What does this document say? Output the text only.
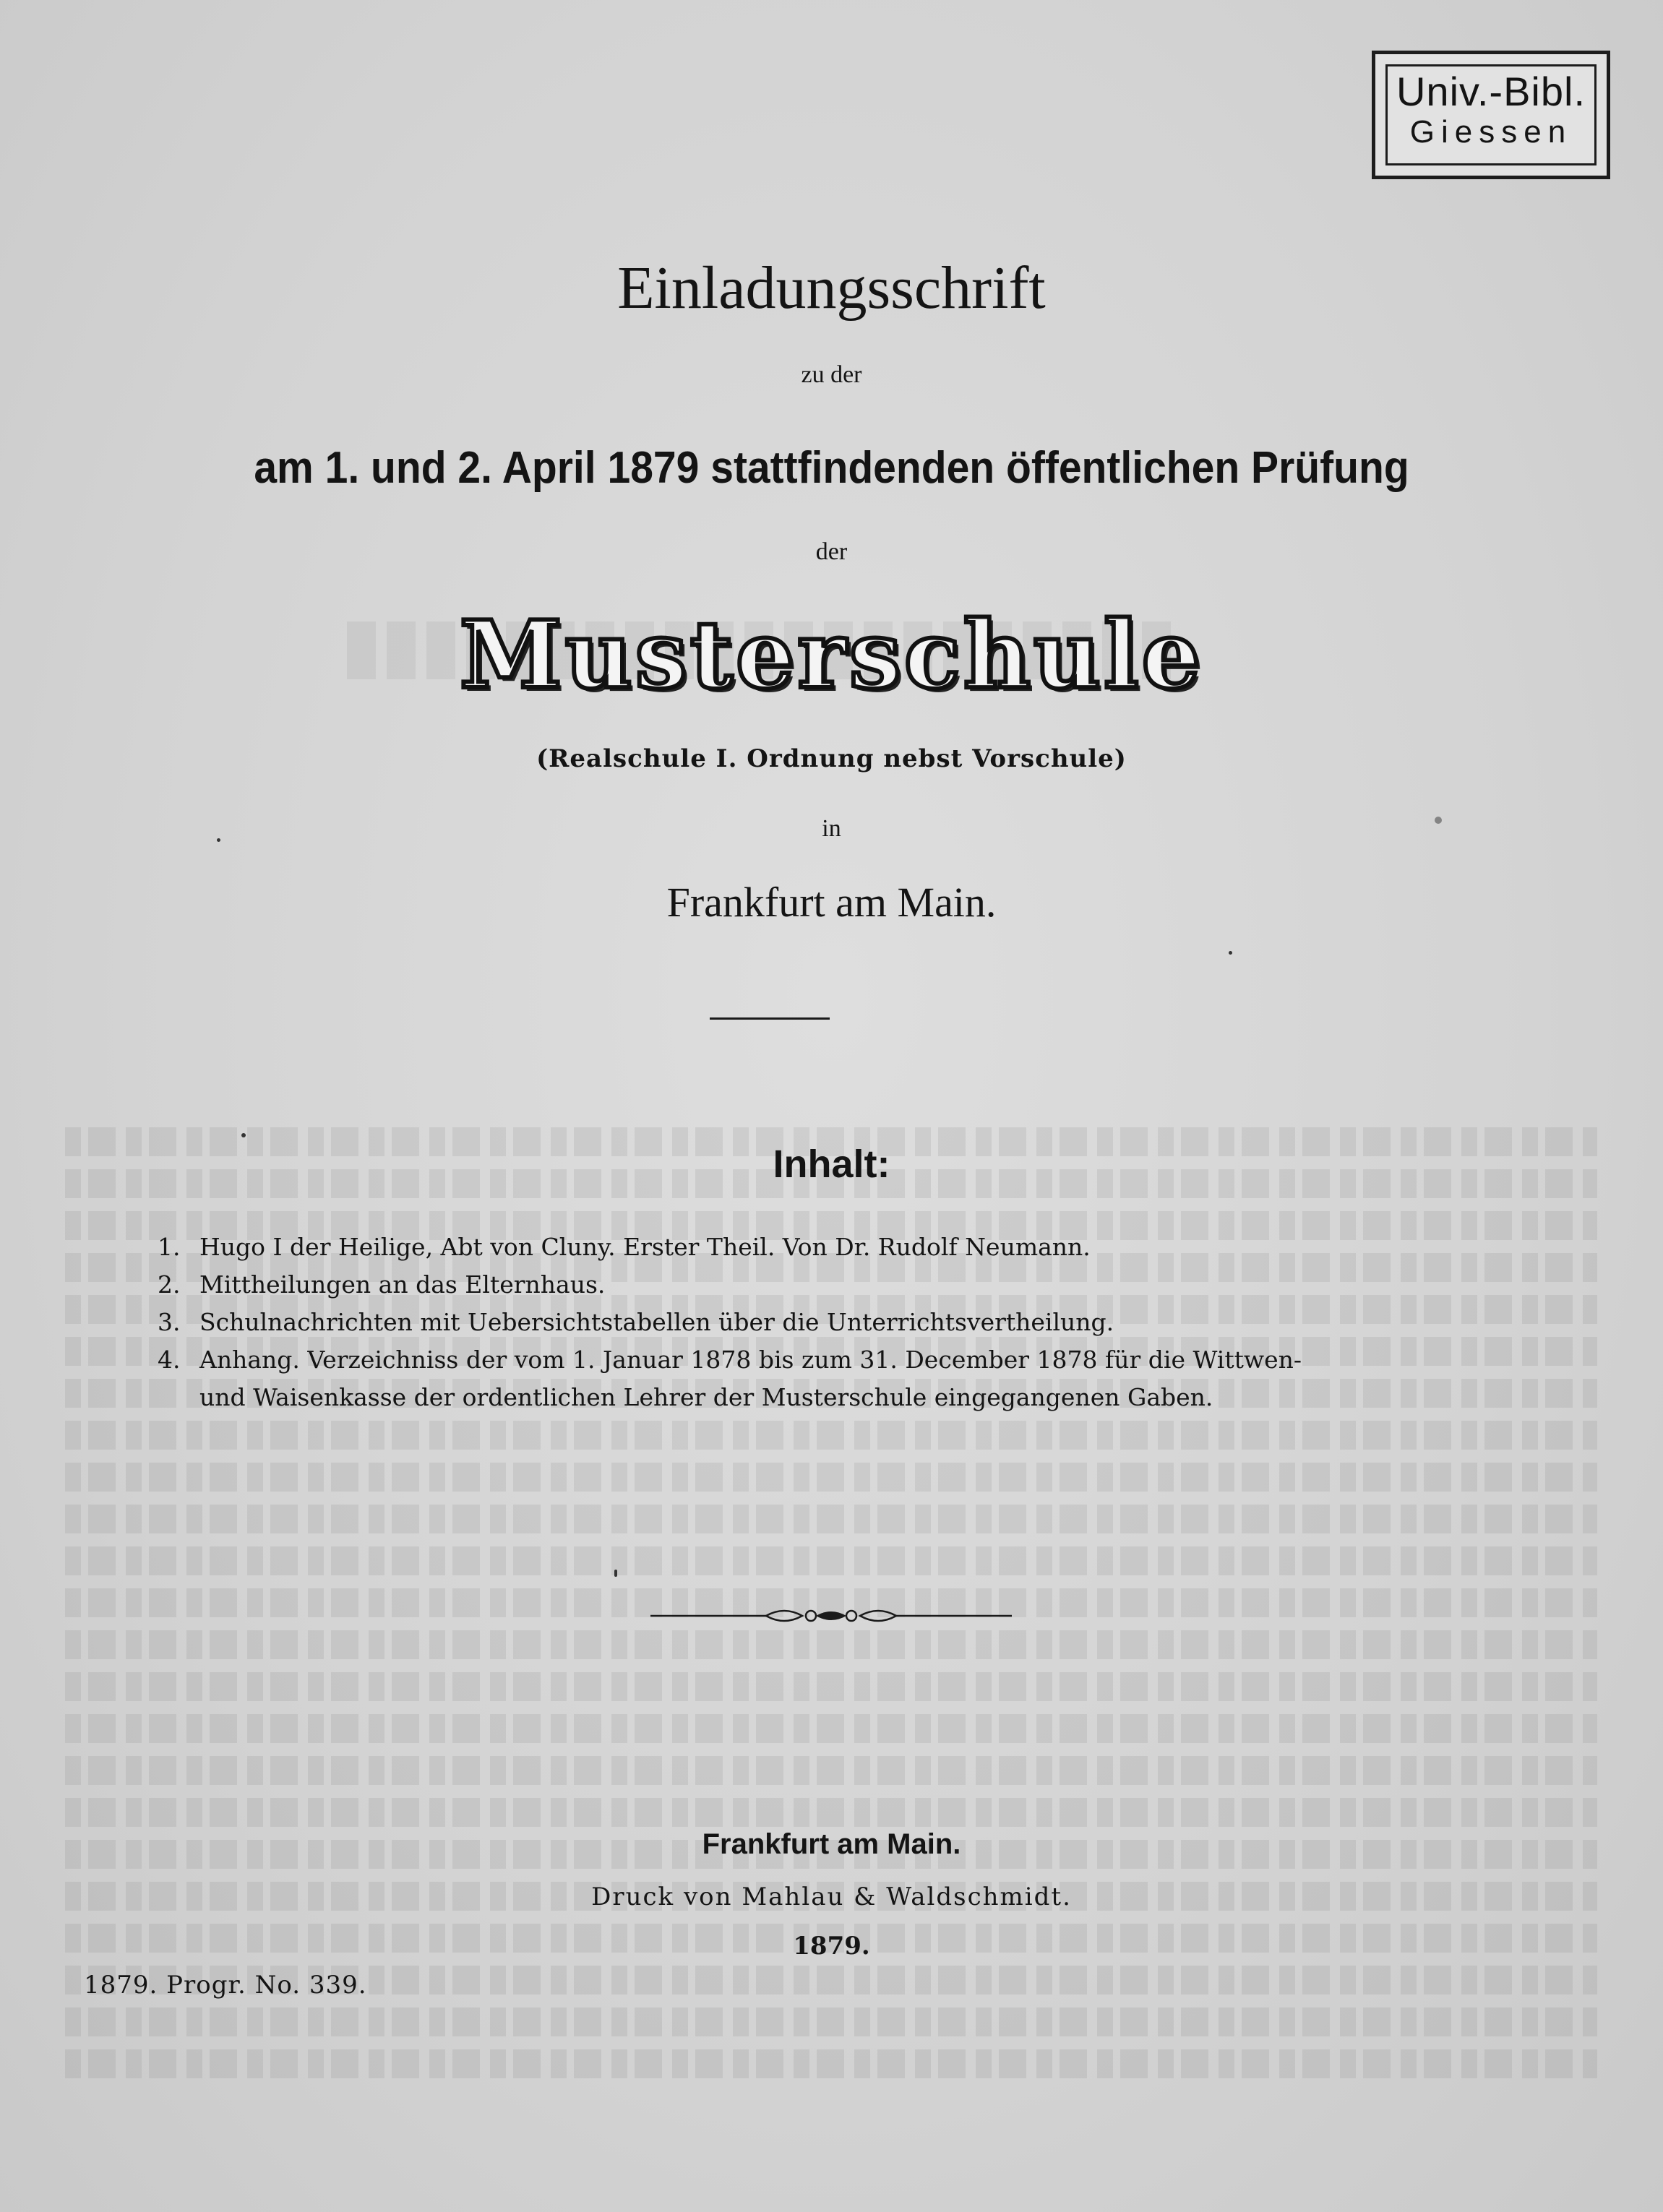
Univ.-Bibl.
Giessen
Einladungsschrift
zu der
am 1. und 2. April 1879 stattfindenden öffentlichen Prüfung
der
Musterschule
(Realschule I. Ordnung nebst Vorschule)
in
Frankfurt am Main.
Inhalt:
1. Hugo I der Heilige, Abt von Cluny. Erster Theil. Von Dr. Rudolf Neumann.
2. Mittheilungen an das Elternhaus.
3. Schulnachrichten mit Uebersichtstabellen über die Unterrichtsvertheilung.
4. Anhang. Verzeichniss der vom 1. Januar 1878 bis zum 31. December 1878 für die Wittwen-
und Waisenkasse der ordentlichen Lehrer der Musterschule eingegangenen Gaben.
Frankfurt am Main.
Druck von Mahlau & Waldschmidt.
1879.
1879. Progr. No. 339.
